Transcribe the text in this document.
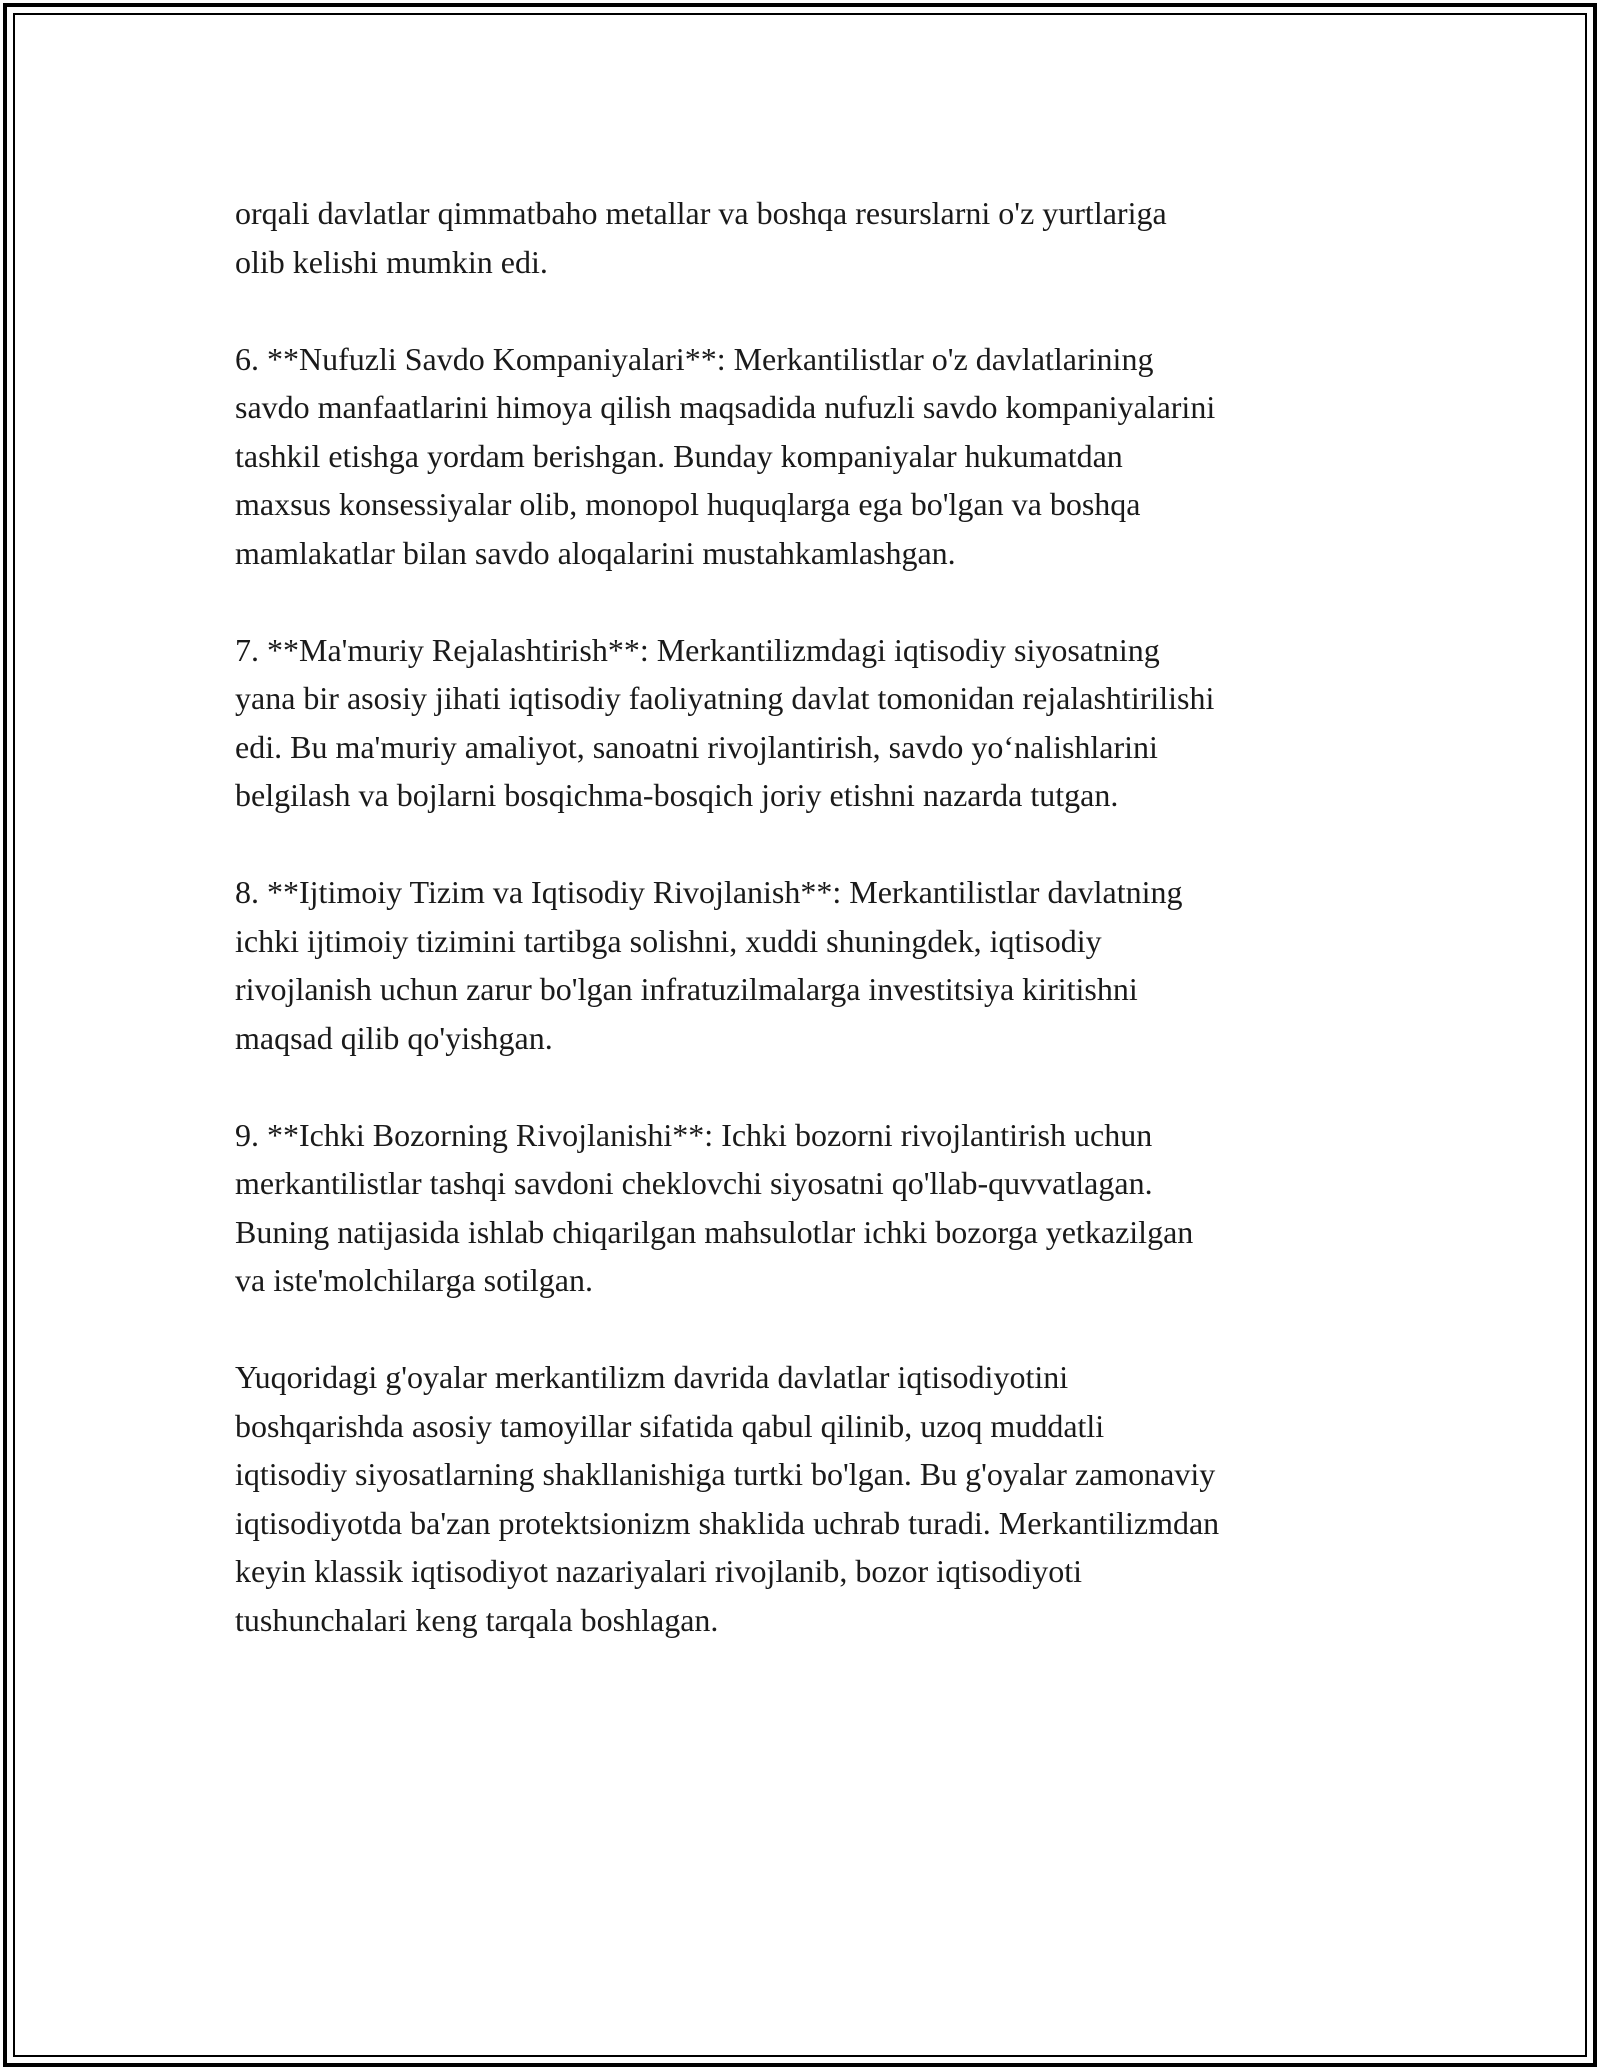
orqali davlatlar qimmatbaho metallar va boshqa resurslarni o'z yurtlariga
olib kelishi mumkin edi.

6. **Nufuzli Savdo Kompaniyalari**: Merkantilistlar o'z davlatlarining
savdo manfaatlarini himoya qilish maqsadida nufuzli savdo kompaniyalarini
tashkil etishga yordam berishgan. Bunday kompaniyalar hukumatdan
maxsus konsessiyalar olib, monopol huquqlarga ega bo'lgan va boshqa
mamlakatlar bilan savdo aloqalarini mustahkamlashgan.

7. **Ma'muriy Rejalashtirish**: Merkantilizmdagi iqtisodiy siyosatning
yana bir asosiy jihati iqtisodiy faoliyatning davlat tomonidan rejalashtirilishi
edi. Bu ma'muriy amaliyot, sanoatni rivojlantirish, savdo yo‘nalishlarini
belgilash va bojlarni bosqichma-bosqich joriy etishni nazarda tutgan.

8. **Ijtimoiy Tizim va Iqtisodiy Rivojlanish**: Merkantilistlar davlatning
ichki ijtimoiy tizimini tartibga solishni, xuddi shuningdek, iqtisodiy
rivojlanish uchun zarur bo'lgan infratuzilmalarga investitsiya kiritishni
maqsad qilib qo'yishgan.

9. **Ichki Bozorning Rivojlanishi**: Ichki bozorni rivojlantirish uchun
merkantilistlar tashqi savdoni cheklovchi siyosatni qo'llab-quvvatlagan.
Buning natijasida ishlab chiqarilgan mahsulotlar ichki bozorga yetkazilgan
va iste'molchilarga sotilgan.

Yuqoridagi g'oyalar merkantilizm davrida davlatlar iqtisodiyotini
boshqarishda asosiy tamoyillar sifatida qabul qilinib, uzoq muddatli
iqtisodiy siyosatlarning shakllanishiga turtki bo'lgan. Bu g'oyalar zamonaviy
iqtisodiyotda ba'zan protektsionizm shaklida uchrab turadi. Merkantilizmdan
keyin klassik iqtisodiyot nazariyalari rivojlanib, bozor iqtisodiyoti
tushunchalari keng tarqala boshlagan.
